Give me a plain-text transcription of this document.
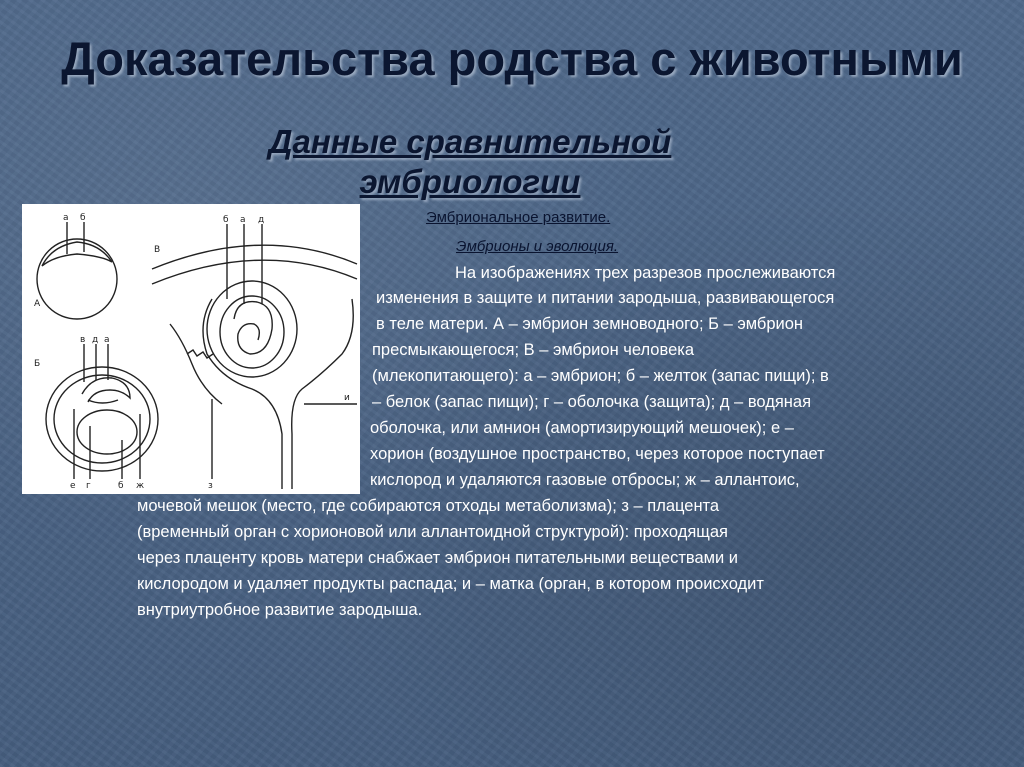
Доказательства родства с животными
Данные сравнительной
эмбриологии
А
а б
Б
в д а
В
б а д
е г	б ж	з
и
Эмбриональное развитие.
Эмбрионы и эволюция.
На изображениях трех разрезов прослеживаются
изменения в защите и питании зародыша, развивающегося
в теле матери. А – эмбрион земноводного; Б – эмбрион
пресмыкающегося; В – эмбрион человека
(млекопитающего): а – эмбрион; б – желток (запас пищи); в
– белок (запас пищи); г – оболочка (защита); д – водяная
оболочка, или амнион (амортизирующий мешочек); е –
хорион (воздушное пространство, через которое поступает
кислород и удаляются газовые отбросы; ж – аллантоис,
мочевой мешок (место, где собираются отходы метаболизма); з – плацента
(временный орган с хорионовой или аллантоидной структурой): проходящая
через плаценту кровь матери снабжает эмбрион питательными веществами и
кислородом и удаляет продукты распада; и – матка (орган, в котором происходит
внутриутробное развитие зародыша.
